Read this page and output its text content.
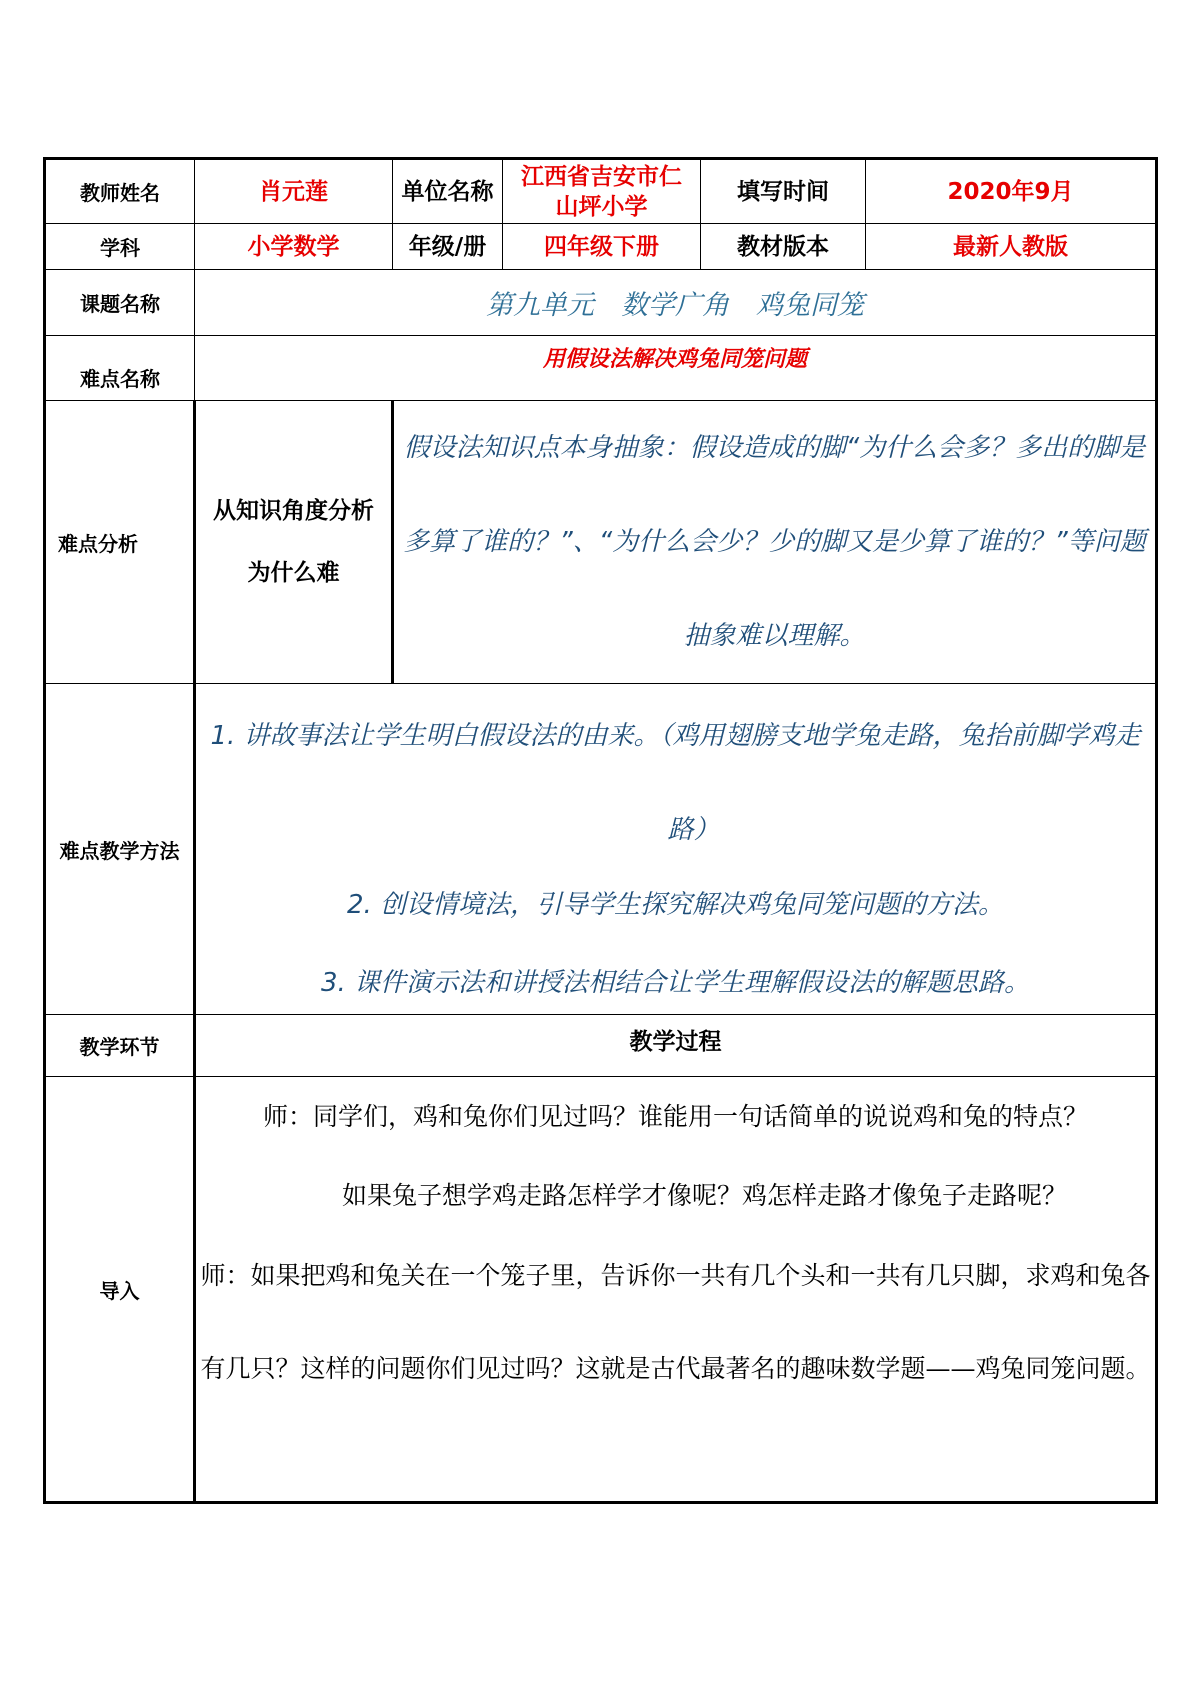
教师姓名	肖元莲	单位名称	江西省吉安市仁山坪小学	填写时间	2020年9月
学科	小学数学	年级/册	四年级下册	教材版本	最新人教版
课题名称	第九单元　数学广角　鸡兔同笼				
难点名称	用假设法解决鸡兔同笼问题				
难点分析	从知识角度分析为什么难	假设法知识点本身抽象：假设造成的脚“为什么会多？多出的脚是多算了谁的？”、“为什么会少？少的脚又是少算了谁的？”等问题抽象难以理解。			
难点教学方法	1. 讲故事法让学生明白假设法的由来。（鸡用翅膀支地学兔走路，兔抬前脚学鸡走路）
2. 创设情境法，引导学生探究解决鸡兔同笼问题的方法。
3. 课件演示法和讲授法相结合让学生理解假设法的解题思路。				

教学环节	教学过程				
导入	师：同学们，鸡和兔你们见过吗？谁能用一句话简单的说说鸡和兔的特点？
如果兔子想学鸡走路怎样学才像呢？鸡怎样走路才像兔子走路呢？
师：如果把鸡和兔关在一个笼子里，告诉你一共有几个头和一共有几只脚，求鸡和兔各有几只？这样的问题你们见过吗？这就是古代最著名的趣味数学题——鸡兔同笼问题。				
